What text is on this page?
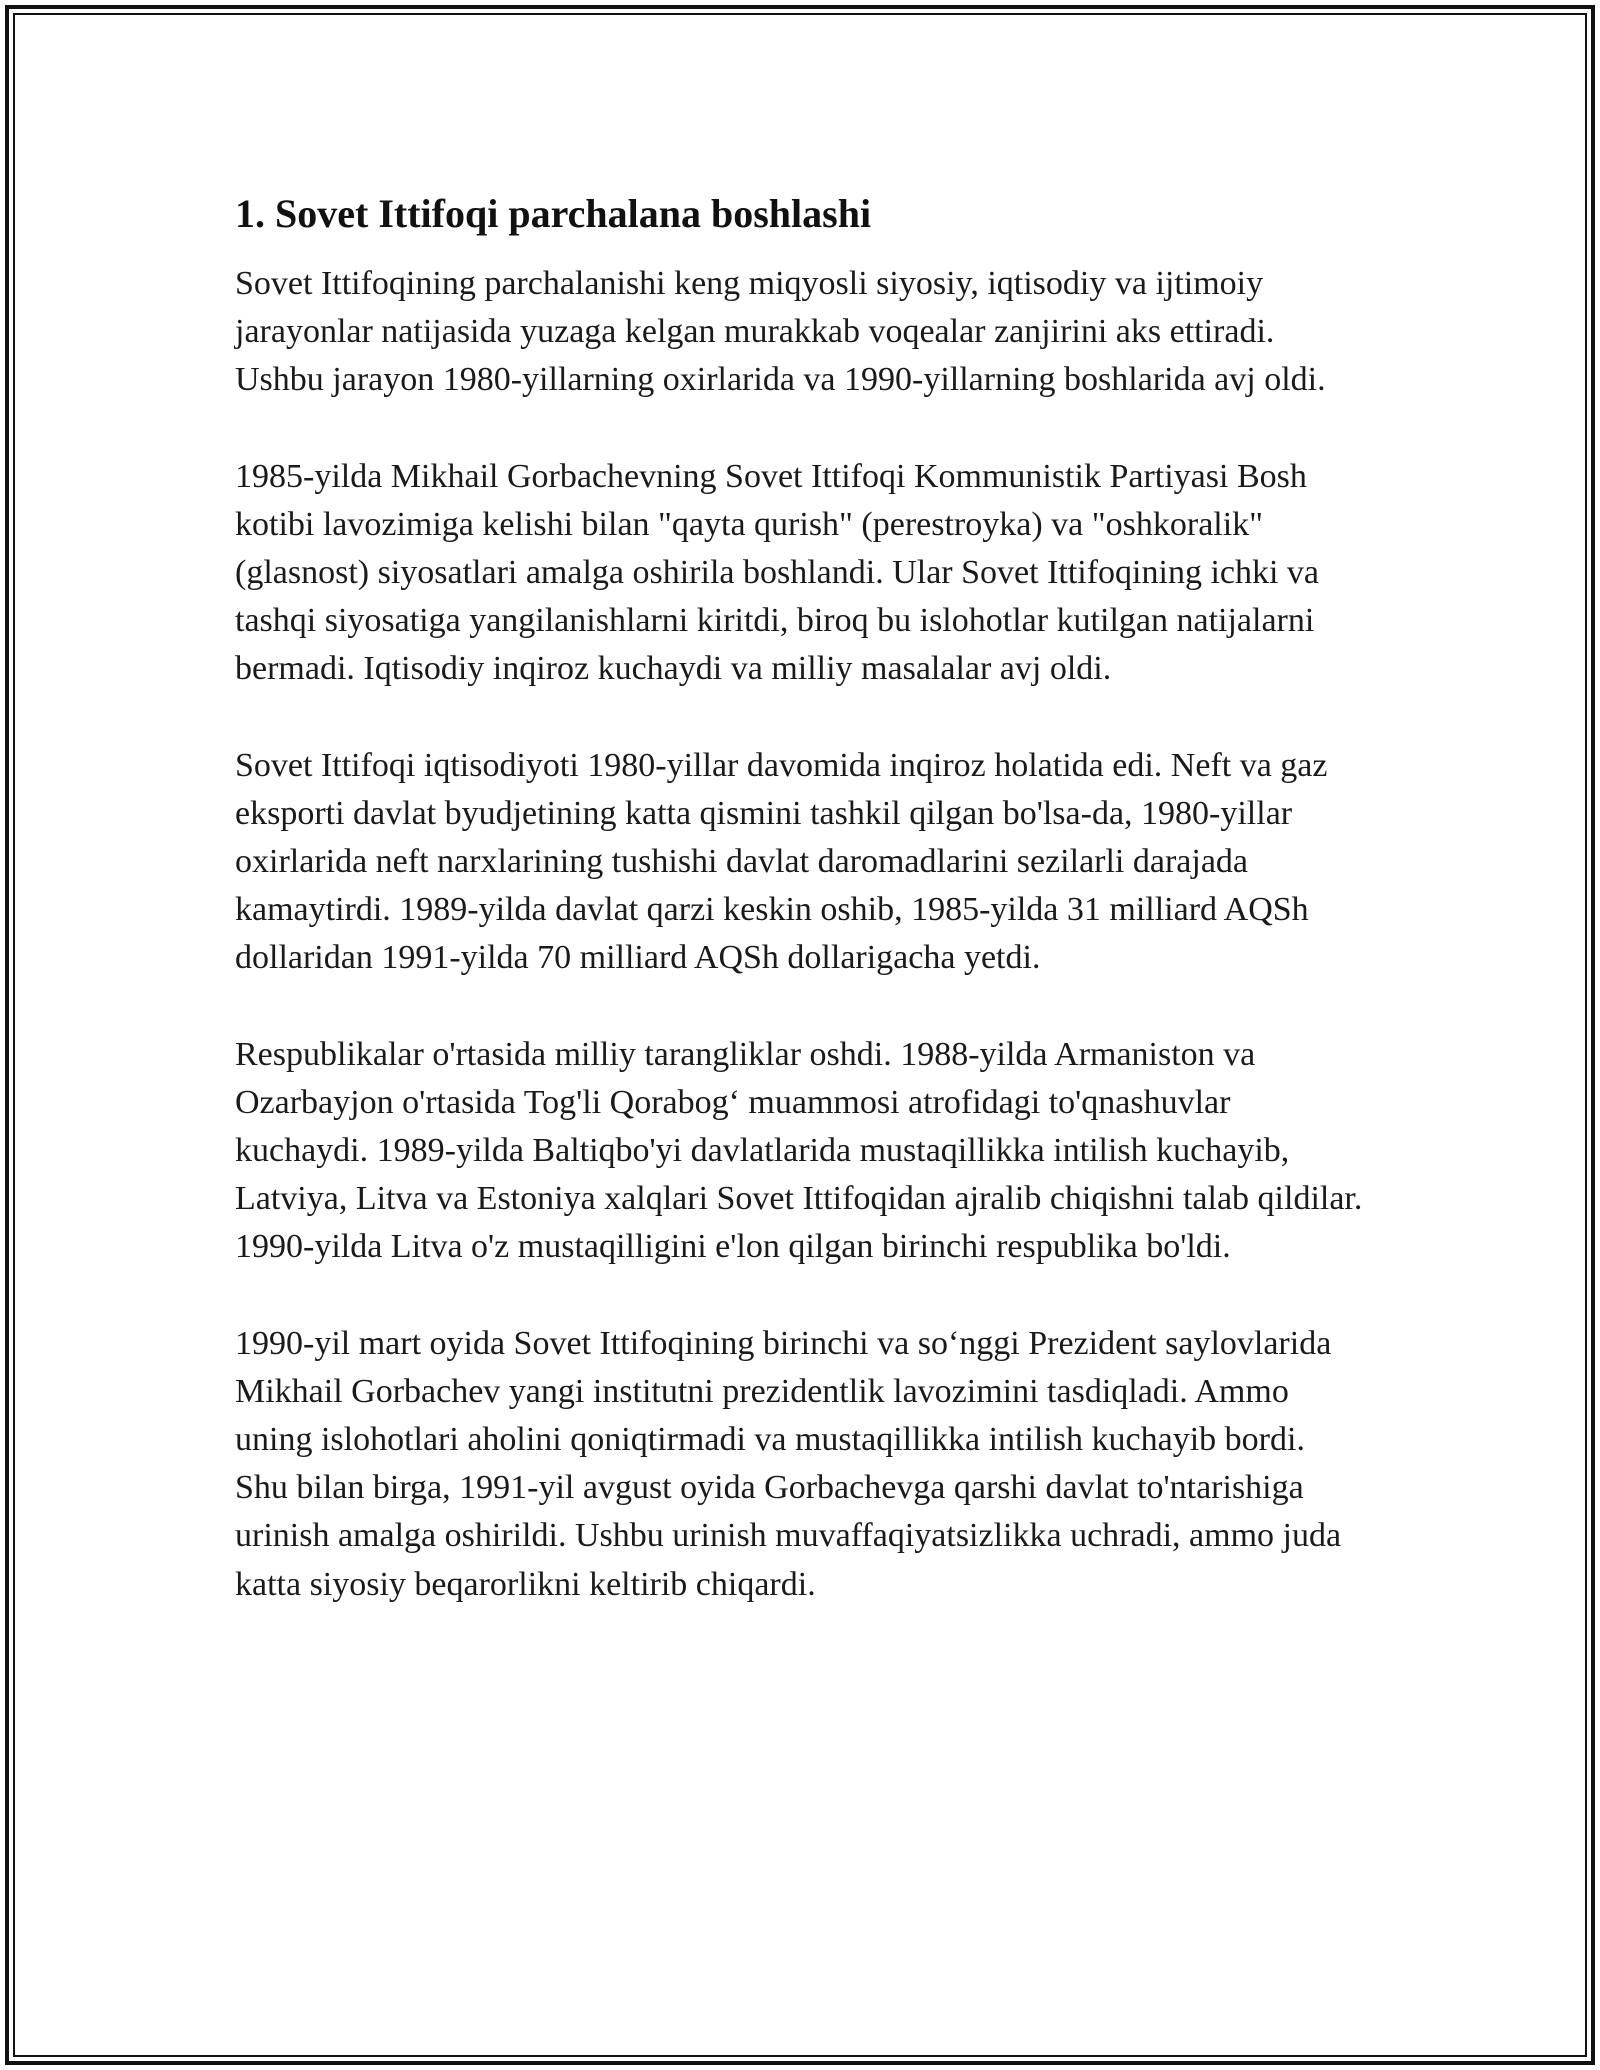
1. Sovet Ittifoqi parchalana boshlashi

Sovet Ittifoqining parchalanishi keng miqyosli siyosiy, iqtisodiy va ijtimoiy jarayonlar natijasida yuzaga kelgan murakkab voqealar zanjirini aks ettiradi. Ushbu jarayon 1980-yillarning oxirlarida va 1990-yillarning boshlarida avj oldi.

1985-yilda Mikhail Gorbachevning Sovet Ittifoqi Kommunistik Partiyasi Bosh kotibi lavozimiga kelishi bilan "qayta qurish" (perestroyka) va "oshkoralik" (glasnost) siyosatlari amalga oshirila boshlandi. Ular Sovet Ittifoqining ichki va tashqi siyosatiga yangilanishlarni kiritdi, biroq bu islohotlar kutilgan natijalarni bermadi. Iqtisodiy inqiroz kuchaydi va milliy masalalar avj oldi.

Sovet Ittifoqi iqtisodiyoti 1980-yillar davomida inqiroz holatida edi. Neft va gaz eksporti davlat byudjetining katta qismini tashkil qilgan bo'lsa-da, 1980-yillar oxirlarida neft narxlarining tushishi davlat daromadlarini sezilarli darajada kamaytirdi. 1989-yilda davlat qarzi keskin oshib, 1985-yilda 31 milliard AQSh dollaridan 1991-yilda 70 milliard AQSh dollarigacha yetdi.

Respublikalar o'rtasida milliy tarangliklar oshdi. 1988-yilda Armaniston va Ozarbayjon o'rtasida Tog'li Qorabog‘ muammosi atrofidagi to'qnashuvlar kuchaydi. 1989-yilda Baltiqbo'yi davlatlarida mustaqillikka intilish kuchayib, Latviya, Litva va Estoniya xalqlari Sovet Ittifoqidan ajralib chiqishni talab qildilar. 1990-yilda Litva o'z mustaqilligini e'lon qilgan birinchi respublika bo'ldi.

1990-yil mart oyida Sovet Ittifoqining birinchi va so‘nggi Prezident saylovlarida Mikhail Gorbachev yangi institutni prezidentlik lavozimini tasdiqladi. Ammo uning islohotlari aholini qoniqtirmadi va mustaqillikka intilish kuchayib bordi. Shu bilan birga, 1991-yil avgust oyida Gorbachevga qarshi davlat to'ntarishiga urinish amalga oshirildi. Ushbu urinish muvaffaqiyatsizlikka uchradi, ammo juda katta siyosiy beqarorlikni keltirib chiqardi.
